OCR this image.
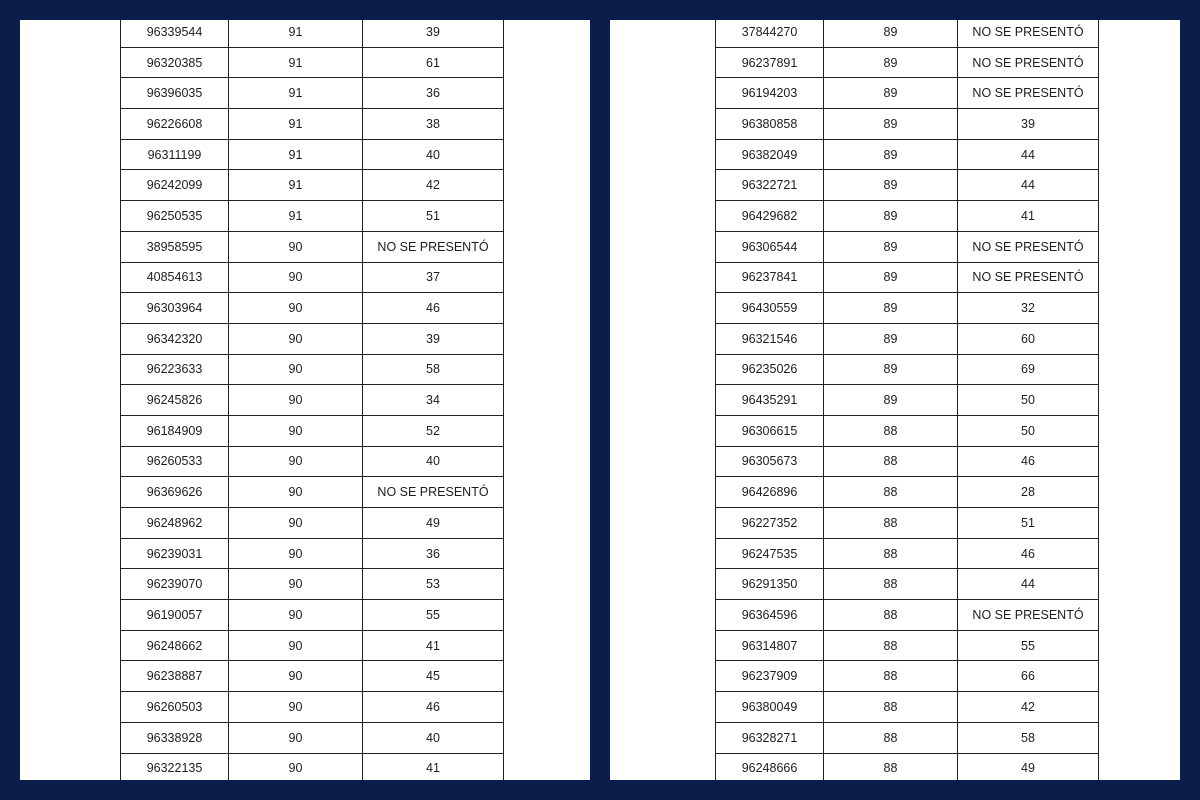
96339544	91	39
96320385	91	61
96396035	91	36
96226608	91	38
96311199	91	40
96242099	91	42
96250535	91	51
38958595	90	NO SE PRESENTÓ
40854613	90	37
96303964	90	46
96342320	90	39
96223633	90	58
96245826	90	34
96184909	90	52
96260533	90	40
96369626	90	NO SE PRESENTÓ
96248962	90	49
96239031	90	36
96239070	90	53
96190057	90	55
96248662	90	41
96238887	90	45
96260503	90	46
96338928	90	40
96322135	90	41
37844270	89	NO SE PRESENTÓ
96237891	89	NO SE PRESENTÓ
96194203	89	NO SE PRESENTÓ
96380858	89	39
96382049	89	44
96322721	89	44
96429682	89	41
96306544	89	NO SE PRESENTÓ
96237841	89	NO SE PRESENTÓ
96430559	89	32
96321546	89	60
96235026	89	69
96435291	89	50
96306615	88	50
96305673	88	46
96426896	88	28
96227352	88	51
96247535	88	46
96291350	88	44
96364596	88	NO SE PRESENTÓ
96314807	88	55
96237909	88	66
96380049	88	42
96328271	88	58
96248666	88	49
